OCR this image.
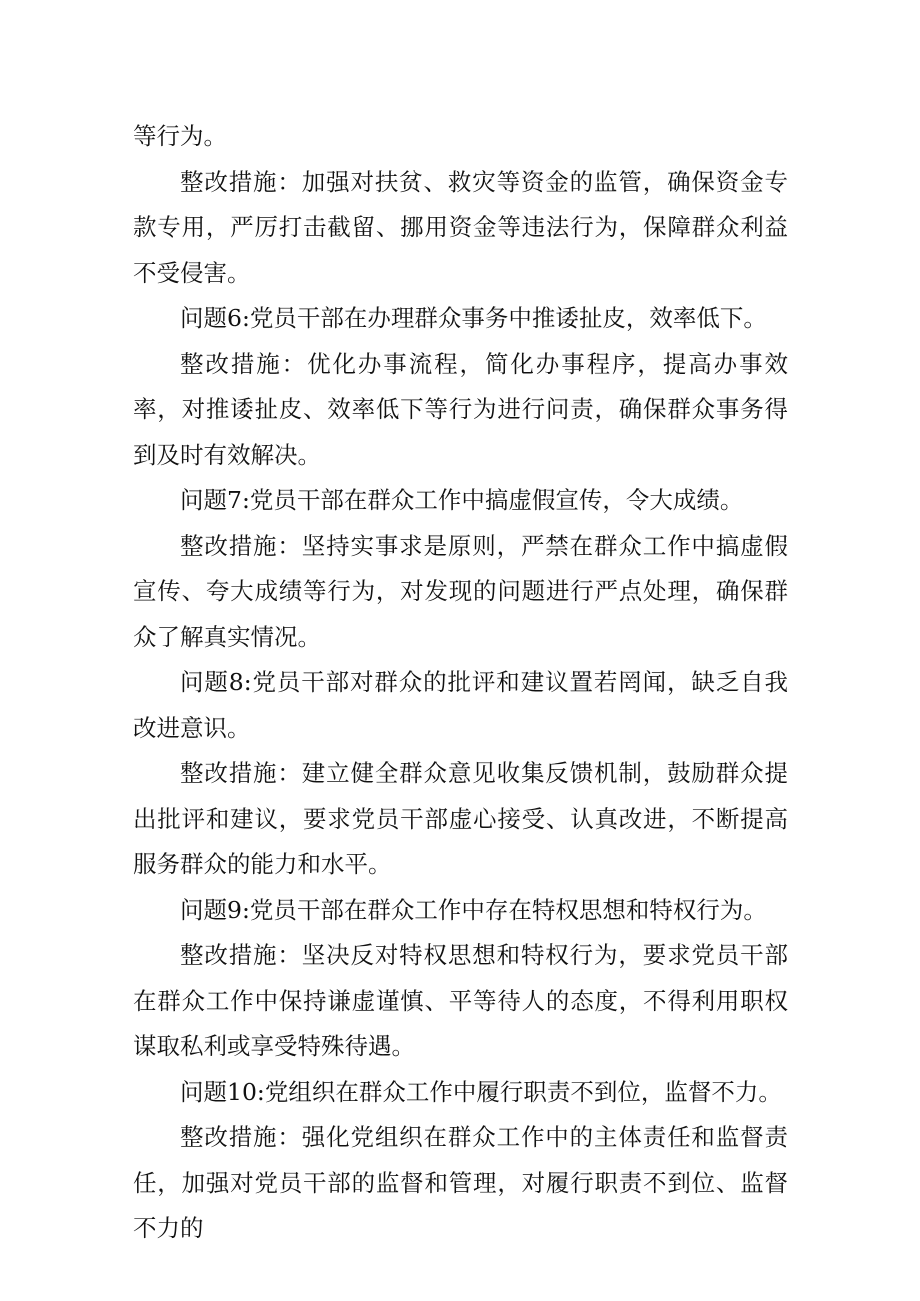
等行为。

整改措施：加强对扶贫、救灾等资金的监管，确保资金专款专用，严厉打击截留、挪用资金等违法行为，保障群众利益不受侵害。

问题6:党员干部在办理群众事务中推诿扯皮，效率低下。

整改措施：优化办事流程，简化办事程序，提高办事效率，对推诿扯皮、效率低下等行为进行问责，确保群众事务得到及时有效解决。

问题7:党员干部在群众工作中搞虚假宣传，令大成绩。

整改措施：坚持实事求是原则，严禁在群众工作中搞虚假宣传、夸大成绩等行为，对发现的问题进行严点处理，确保群众了解真实情况。

问题8:党员干部对群众的批评和建议置若罔闻，缺乏自我改进意识。

整改措施：建立健全群众意见收集反馈机制，鼓励群众提出批评和建议，要求党员干部虚心接受、认真改进，不断提高服务群众的能力和水平。

问题9:党员干部在群众工作中存在特权思想和特权行为。

整改措施：坚决反对特权思想和特权行为，要求党员干部在群众工作中保持谦虚谨慎、平等待人的态度，不得利用职权谋取私利或享受特殊待遇。

问题10:党组织在群众工作中履行职责不到位，监督不力。

整改措施：强化党组织在群众工作中的主体责任和监督责任，加强对党员干部的监督和管理，对履行职责不到位、监督不力的
